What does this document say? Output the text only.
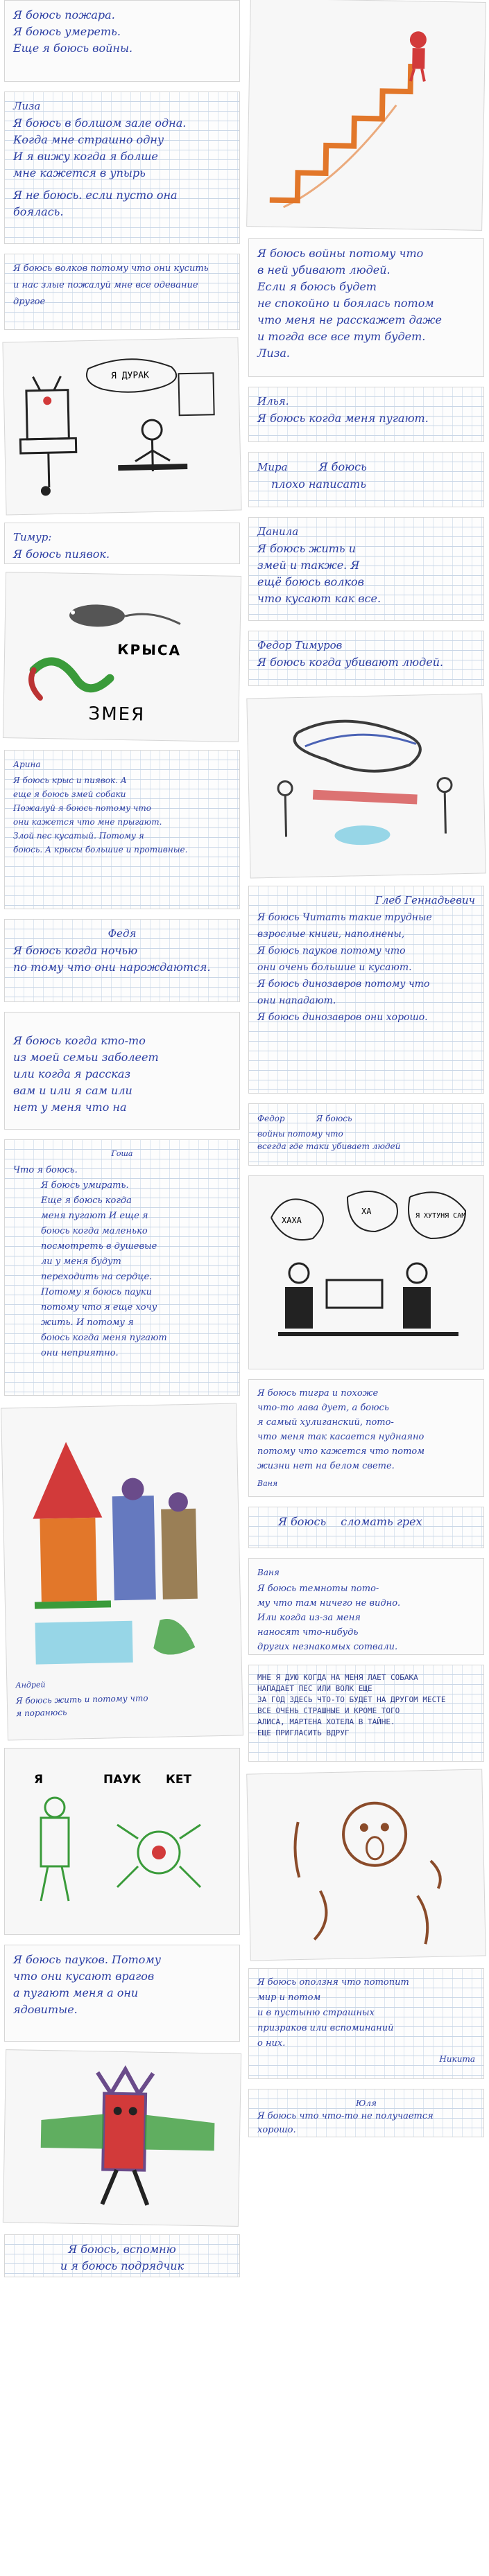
Я боюсь пожара.
Я боюсь умереть.
Еще я боюсь войны.
Лиза
Я боюсь в болшом зале одна.
Когда мне страшно одну
И я вижу когда я болше
мне кажется в упырь
Я не боюсь. если пусто она
боялась.
Я боюсь волков потому что они кусить
и нас злые пожалуй мне все одевание
другое
Я ДУРАК
Тимур:
Я боюсь пиявок.
КРЫСА
ЗМЕЯ
Арина
Я боюсь крыс и пиявок. А
еще я боюсь змей собаки
Пожалуй я боюсь потому что
они кажется что мне прыгают.
Злой пес кусатый. Потому я
боюсь. А крысы большие и противные.
Федя
Я боюсь когда ночью
по тому что они нарождаются.
Я боюсь когда кто-то
из моей семьи заболеет
или когда я рассказ
вам и или я сам или
нет у меня что на
Гоша
Что я боюсь.
Я боюсь умирать.
Еще я боюсь когда
меня пугают И еще я
боюсь когда маленько
посмотреть в душевые
ли у меня будут
переходить на сердце.
Потому я боюсь пауки
потому что я еще хочу
жить. И потому я
боюсь когда меня пугают
они неприятно.
Андрей
Я боюсь жить и потому что
я поранюсь
Я	ПАУК КЕТ
Я боюсь пауков. Потому
что они кусают врагов
а пугают меня а они
ядовитые.
Я боюсь, вспомню
и я боюсь подрядчик
Я боюсь войны потому что
в ней убивают людей.
Если я боюсь будет
не спокойно и боялась потом
что меня не расскажет даже
и тогда все все тут будет.
Лиза.
Илья.
Я боюсь когда меня пугают.
Мира	Я боюсь
плохо написать
Данила
Я боюсь жить и
змей и также. Я
ещё боюсь волков
что кусают как все.
Федор Тимуров
Я боюсь когда убивают людей.
Глеб Геннадьевич
Я боюсь Читать такие трудные
взрослые книги, наполнены,
Я боюсь пауков потому что
они очень большие и кусают.
Я боюсь динозавров потому что
они нападают.
Я боюсь динозавров они хорошо.
Федор	Я боюсь
войны потому что
всегда где таки убивает людей
ХАХА
ХА	Я ХУТУНЯ САМ
Я боюсь тигра и похоже
что-то лава дует, а боюсь
я самый хулиганский, пото-
что меня так касается нуднаяно
потому что кажется что потом
жизни нет на белом свете.
Ваня
Я боюсь сломать грех
Ваня
Я боюсь темноты пото-
му что там ничего не видно.
Или когда из-за меня
наносят что-нибудь
других незнакомых сотвали.
МНЕ Я ДУЮ КОГДА НА МЕНЯ ЛАЕТ СОБАКА
НАПАДАЕТ ПЕС ИЛИ ВОЛК ЕЩЕ
ЗА ГОД ЗДЕСЬ ЧТО-ТО БУДЕТ НА ДРУГОМ МЕСТЕ
ВСЕ ОЧЕНЬ СТРАШНЫЕ И КРОМЕ ТОГО
АЛИСА, МАРТЕНА ХОТЕЛА В ТАЙНЕ.
ЕЩЕ ПРИГЛАСИТЬ ВДРУГ
Я боюсь оползня что потопит
мир и потом
и в пустыню страшных
призраков или вспоминаний
о них.
Никита
Юля
Я боюсь что что-то не получается
хорошо.
